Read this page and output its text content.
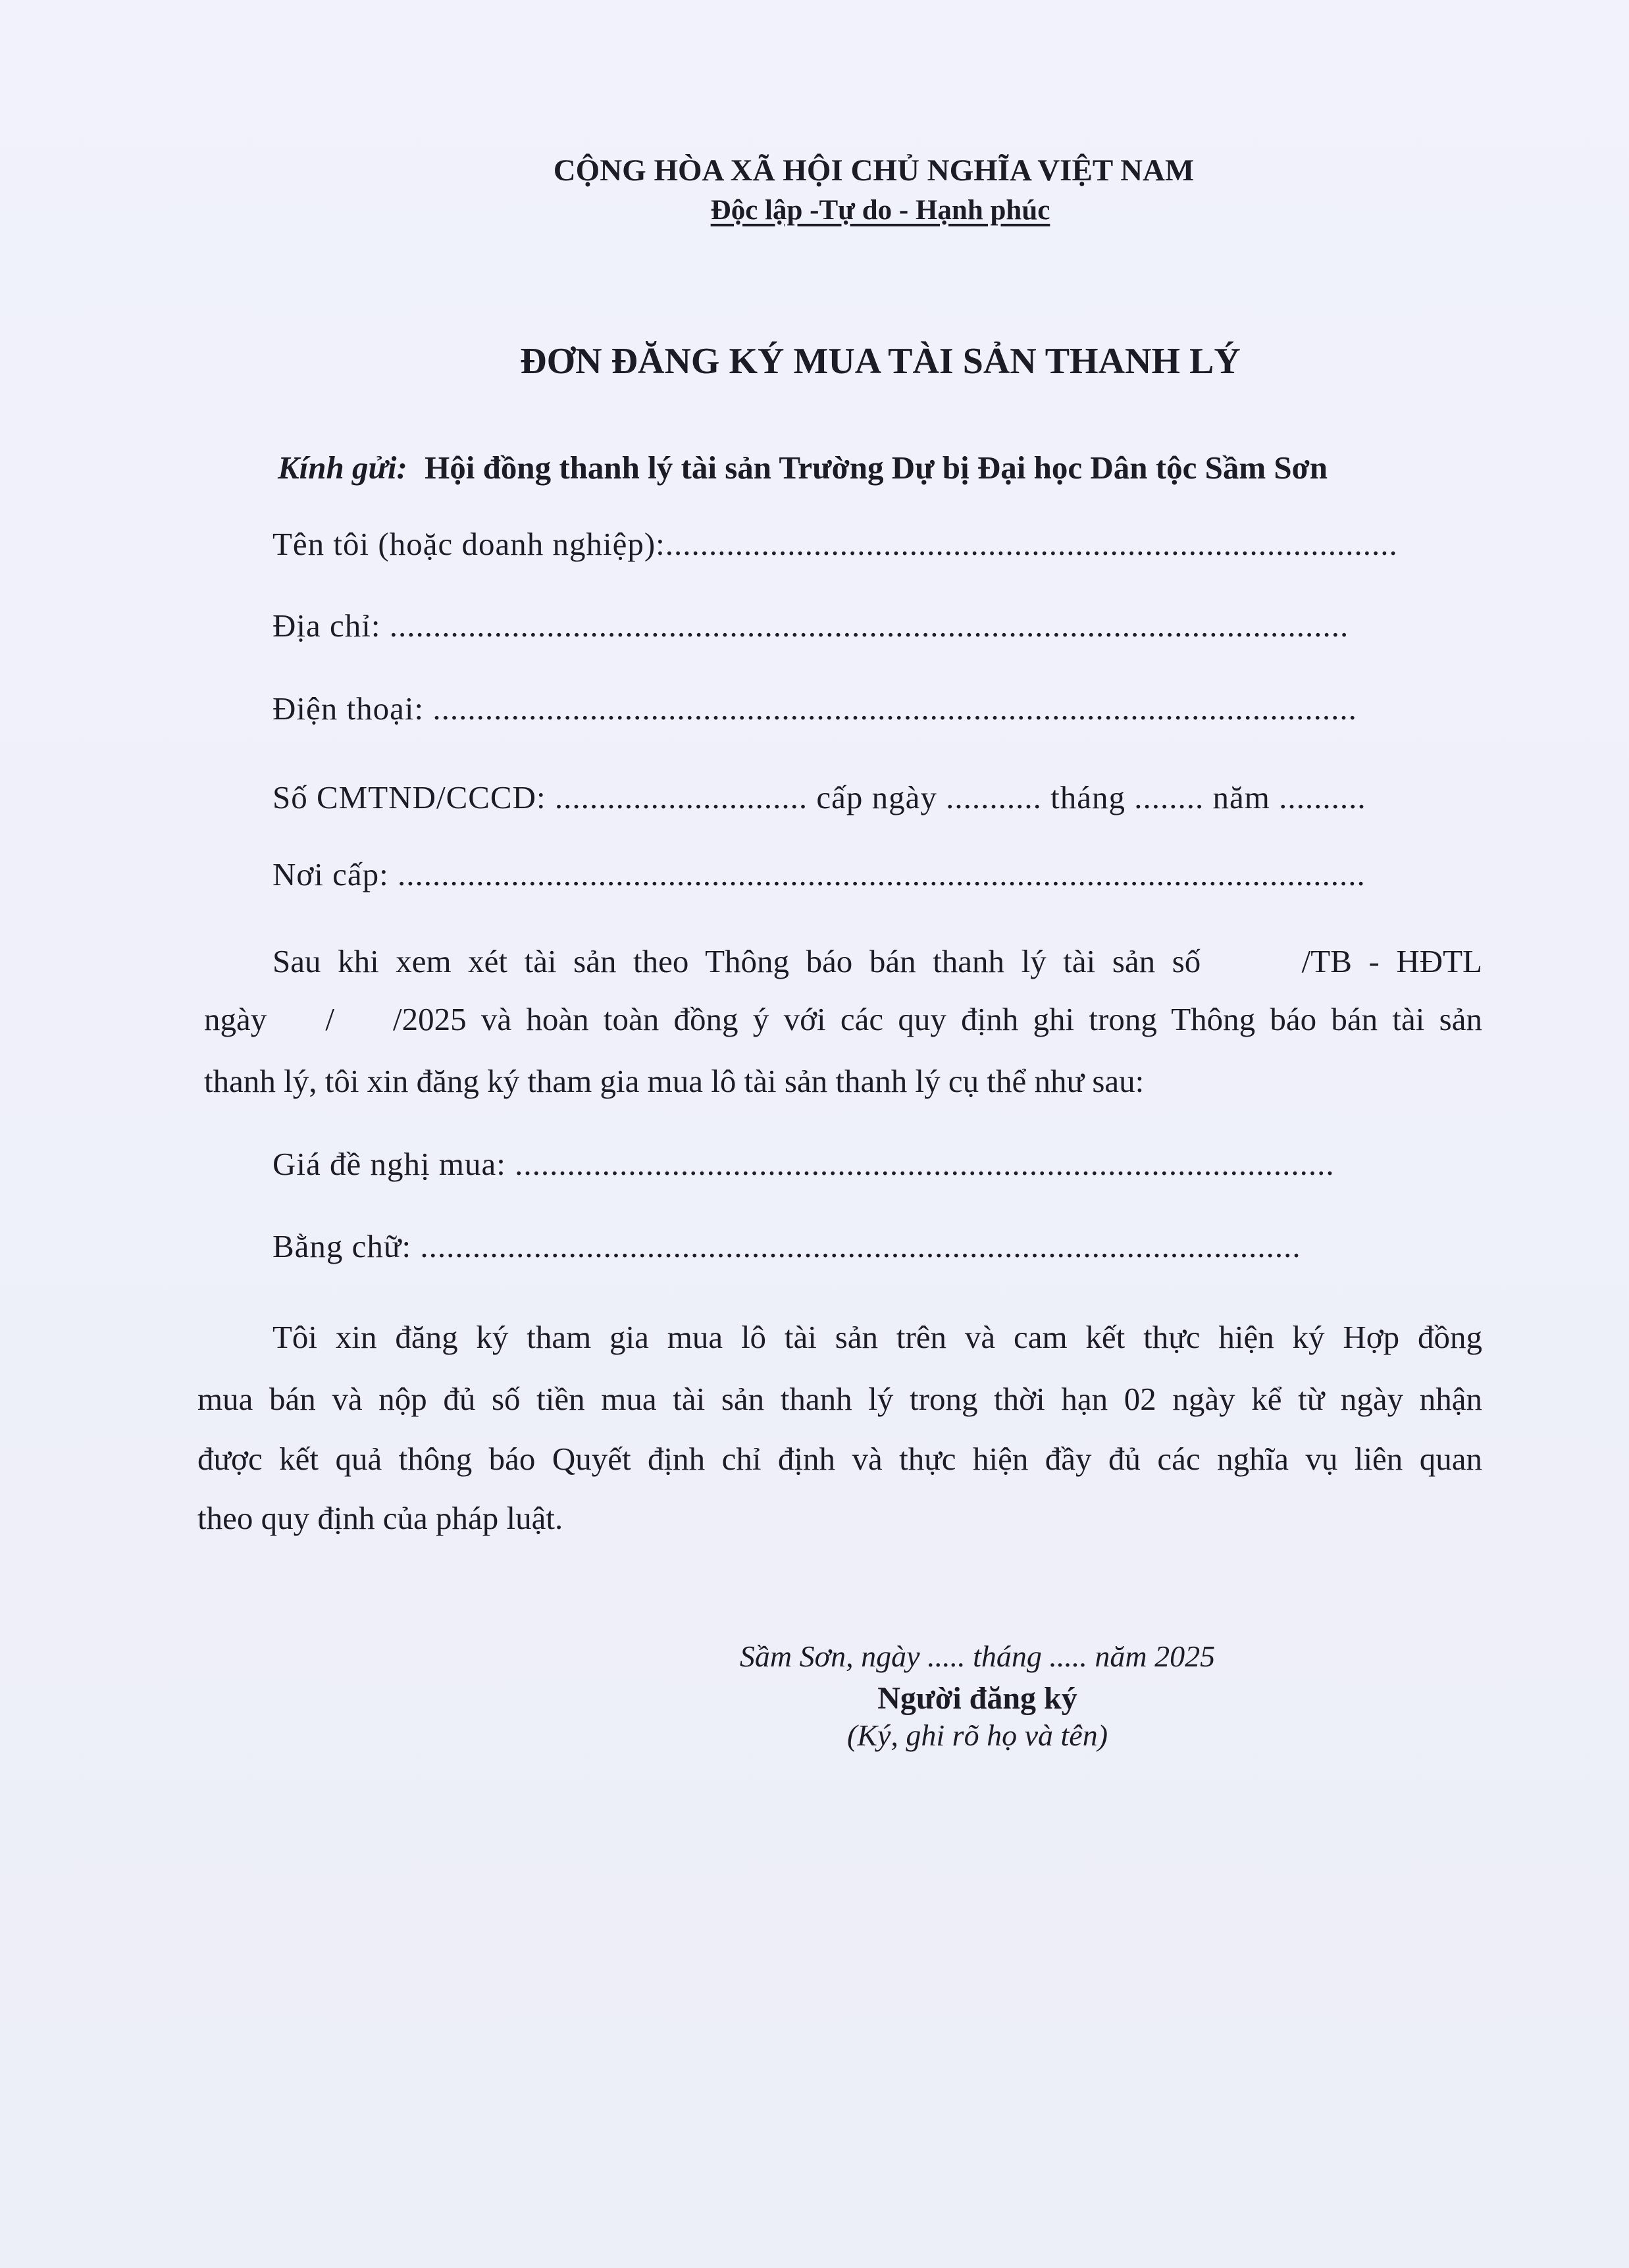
CỘNG HÒA XÃ HỘI CHỦ NGHĨA VIỆT NAM
Độc lập -Tự do - Hạnh phúc
ĐƠN ĐĂNG KÝ MUA TÀI SẢN THANH LÝ
Kính gửi: Hội đồng thanh lý tài sản Trường Dự bị Đại học Dân tộc Sầm Sơn
Tên tôi (hoặc doanh nghiệp):....................................................................................
Địa chỉ: ..............................................................................................................
Điện thoại: ..........................................................................................................
Số CMTND/CCCD: ............................. cấp ngày ........... tháng ........ năm ..........
Nơi cấp: ...............................................................................................................
Sau khi xem xét tài sản theo Thông báo bán thanh lý tài sản số      /TB - HĐTL
ngày    /    /2025 và hoàn toàn đồng ý với các quy định ghi trong Thông báo bán tài sản
thanh lý, tôi xin đăng ký tham gia mua lô tài sản thanh lý cụ thể như sau:
Giá đề nghị mua: ..............................................................................................
Bằng chữ: .....................................................................................................
Tôi xin đăng ký tham gia mua lô tài sản trên và cam kết thực hiện ký Hợp đồng
mua bán và nộp đủ số tiền mua tài sản thanh lý trong thời hạn 02 ngày kể từ ngày nhận
được kết quả thông báo Quyết định chỉ định và thực hiện đầy đủ các nghĩa vụ liên quan
theo quy định của pháp luật.
Sầm Sơn, ngày ..... tháng ..... năm 2025
Người đăng ký
(Ký, ghi rõ họ và tên)
